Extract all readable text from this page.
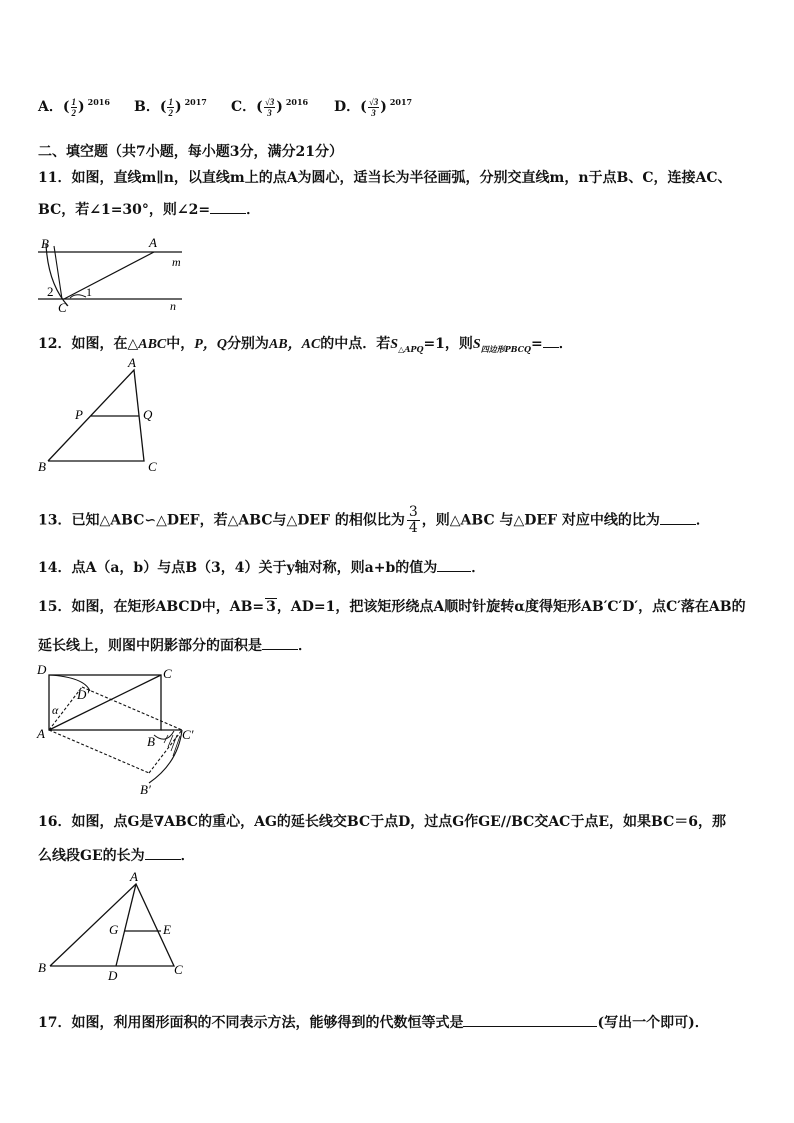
A．( $\frac{1}{2}$ ) $^{2016}$ B．( $\frac{1}{2}$ ) $^{2017}$ C．( $\frac{√3}{3}$ ) $^{2016}$ D．( $\frac{√3}{3}$ ) $^{2017}$
二、填空题（共7小题，每小题3分，满分21分）
11．如图，直线m∥n，以直线m上的点A为圆心，适当长为半径画弧，分别交直线m，n于点B、C，连接AC、
BC，若∠1=30°，则∠2=	．
B	A
m
2	1
C	n
12．如图，在△ABC中，P，Q分别为AB，AC的中点．若$S_{\triangle APQ}=1$，则$S_{四边形PBCQ}=$ ．
A
P	Q
B	C
13．已知△ABC∽△DEF，若△ABC与△DEF 的相似比为 $\frac{3}{4}$ ，则△ABC 与△DEF 对应中线的比为	．
14．点A（a，b）与点B（3，4）关于y轴对称，则a+b的值为 ．
15．如图，在矩形ABCD中，AB= 3，AD=1，把该矩形绕点A顺时针旋转α度得矩形AB′C′D′，点C′落在AB的
延长线上，则图中阴影部分的面积是	．
D	C
D′
α
A
B C′
B′
16．如图，点G是∇ABC的重心，AG的延长线交BC于点D，过点G作GE∕∕BC交AC于点E，如果BC＝6，那
么线段GE的长为	．
A
G	E
B
D	C
17．如图，利用图形面积的不同表示方法，能够得到的代数恒等式是	(写出一个即可)．
